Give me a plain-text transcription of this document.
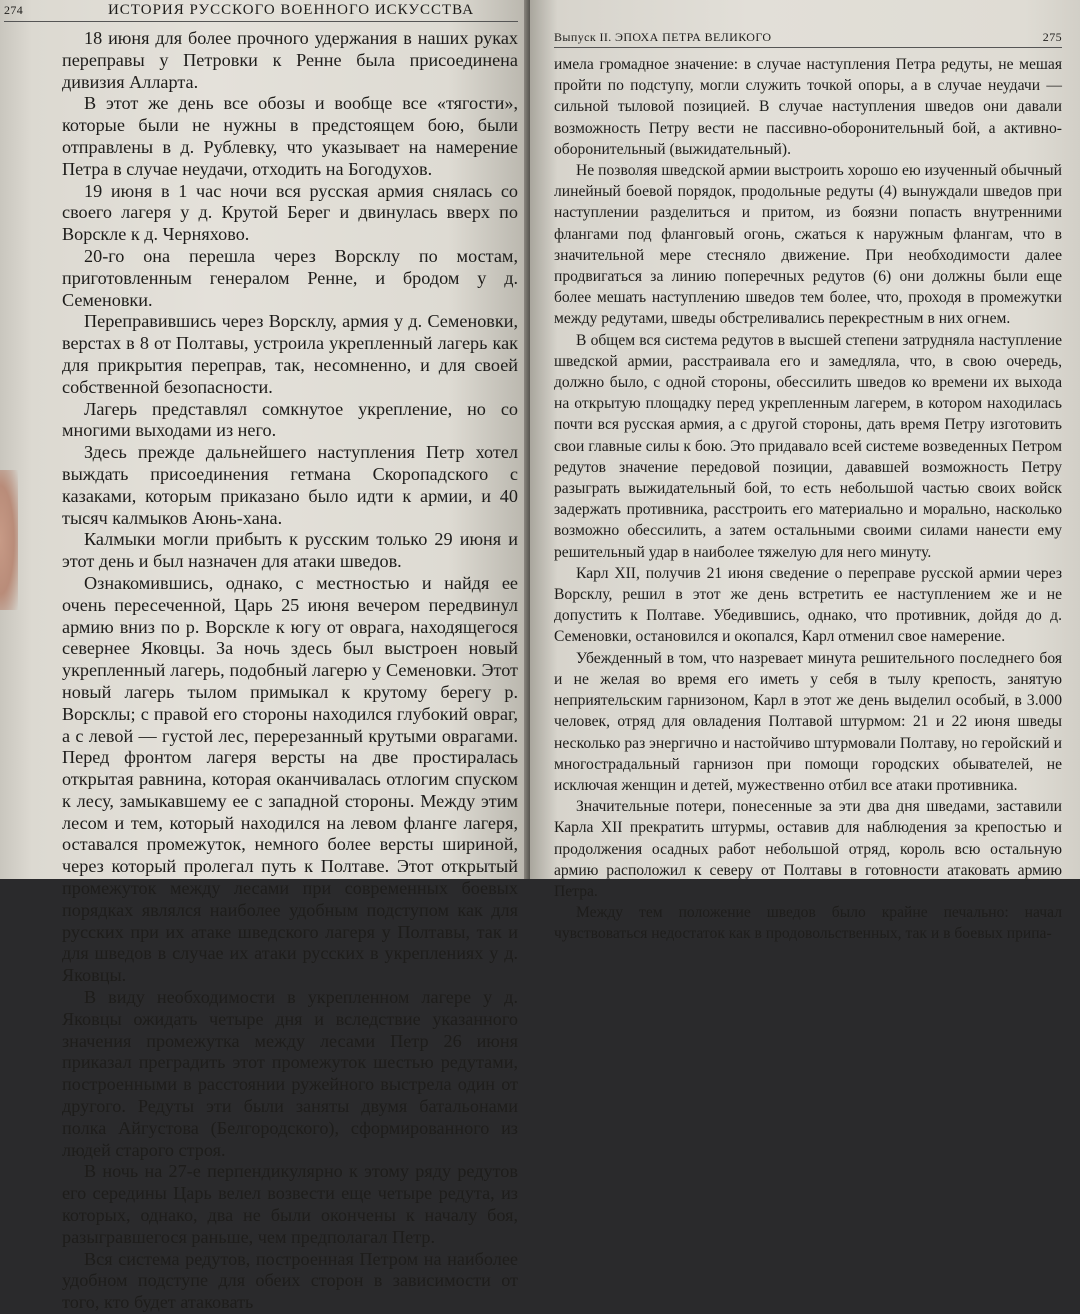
274	ИСТОРИЯ РУССКОГО ВОЕННОГО ИСКУССТВА

18 июня для более прочного удержания в наших руках переправы у Петровки к Ренне была присоединена дивизия Алларта.

В этот же день все обозы и вообще все «тягости», которые были не нужны в предстоящем бою, были отправлены в д. Рублевку, что указывает на намерение Петра в случае неудачи, отходить на Богодухов.

19 июня в 1 час ночи вся русская армия снялась со своего лагеря у д. Крутой Берег и двинулась вверх по Ворскле к д. Черняхово.

20-го она перешла через Ворсклу по мостам, приготовленным генералом Ренне, и бродом у д. Семеновки.

Переправившись через Ворсклу, армия у д. Семеновки, верстах в 8 от Полтавы, устроила укрепленный лагерь как для прикрытия переправ, так, несомненно, и для своей собственной безопасности.

Лагерь представлял сомкнутое укрепление, но со многими выходами из него.

Здесь прежде дальнейшего наступления Петр хотел выждать присоединения гетмана Скоропадского с казаками, которым приказано было идти к армии, и 40 тысяч калмыков Аюнь-хана.

Калмыки могли прибыть к русским только 29 июня и этот день и был назначен для атаки шведов.

Ознакомившись, однако, с местностью и найдя ее очень пересеченной, Царь 25 июня вечером передвинул армию вниз по р. Ворскле к югу от оврага, находящегося севернее Яковцы. За ночь здесь был выстроен новый укрепленный лагерь, подобный лагерю у Семеновки. Этот новый лагерь тылом примыкал к крутому берегу р. Ворсклы; с правой его стороны находился глубокий овраг, а с левой — густой лес, перерезанный крутыми оврагами. Перед фронтом лагеря версты на две простиралась открытая равнина, которая оканчивалась отлогим спуском к лесу, замыкавшему ее с западной стороны. Между этим лесом и тем, который находился на левом фланге лагеря, оставался промежуток, немного более версты шириной, через который пролегал путь к Полтаве. Этот открытый промежуток между лесами при современных боевых порядках являлся наиболее удобным подступом как для русских при их атаке шведского лагеря у Полтавы, так и для шведов в случае их атаки русских в укреплениях у д. Яковцы.

В виду необходимости в укрепленном лагере у д. Яковцы ожидать четыре дня и вследствие указанного значения промежутка между лесами Петр 26 июня приказал преградить этот промежуток шестью редутами, построенными в расстоянии ружейного выстрела один от другого. Редуты эти были заняты двумя батальонами полка Айгустова (Белгородского), сформированного из людей старого строя.

В ночь на 27-е перпендикулярно к этому ряду редутов его середины Царь велел возвести еще четыре редута, из которых, однако, два не были окончены к началу боя, разыгравшегося раньше, чем предполагал Петр.

Вся система редутов, построенная Петром на наиболее удобном подступе для обеих сторон в зависимости от того, кто будет атаковать

Выпуск II. ЭПОХА ПЕТРА ВЕЛИКОГО	275

имела громадное значение: в случае наступления Петра редуты, не мешая пройти по подступу, могли служить точкой опоры, а в случае неудачи — сильной тыловой позицией. В случае наступления шведов они давали возможность Петру вести не пассивно-оборонительный бой, а активно-оборонительный (выжидательный).

Не позволяя шведской армии выстроить хорошо ею изученный обычный линейный боевой порядок, продольные редуты (4) вынуждали шведов при наступлении разделиться и притом, из боязни попасть внутренними флангами под фланговый огонь, сжаться к наружным флангам, что в значительной мере стесняло движение. При необходимости далее продвигаться за линию поперечных редутов (6) они должны были еще более мешать наступлению шведов тем более, что, проходя в промежутки между редутами, шведы обстреливались перекрестным в них огнем.

В общем вся система редутов в высшей степени затрудняла наступление шведской армии, расстраивала его и замедляла, что, в свою очередь, должно было, с одной стороны, обессилить шведов ко времени их выхода на открытую площадку перед укрепленным лагерем, в котором находилась почти вся русская армия, а с другой стороны, дать время Петру изготовить свои главные силы к бою. Это придавало всей системе возведенных Петром редутов значение передовой позиции, дававшей возможность Петру разыграть выжидательный бой, то есть небольшой частью своих войск задержать противника, расстроить его материально и морально, насколько возможно обессилить, а затем остальными своими силами нанести ему решительный удар в наиболее тяжелую для него минуту.

Карл XII, получив 21 июня сведение о переправе русской армии через Ворсклу, решил в этот же день встретить ее наступлением же и не допустить к Полтаве. Убедившись, однако, что противник, дойдя до д. Семеновки, остановился и окопался, Карл отменил свое намерение.

Убежденный в том, что назревает минута решительного последнего боя и не желая во время его иметь у себя в тылу крепость, занятую неприятельским гарнизоном, Карл в этот же день выделил особый, в 3.000 человек, отряд для овладения Полтавой штурмом: 21 и 22 июня шведы несколько раз энергично и настойчиво штурмовали Полтаву, но геройский и многострадальный гарнизон при помощи городских обывателей, не исключая женщин и детей, мужественно отбил все атаки противника.

Значительные потери, понесенные за эти два дня шведами, заставили Карла XII прекратить штурмы, оставив для наблюдения за крепостью и продолжения осадных работ небольшой отряд, король всю остальную армию расположил к северу от Полтавы в готовности атаковать армию Петра.

Между тем положение шведов было крайне печально: начал чувствоваться недостаток как в продовольственных, так и в боевых припа-
